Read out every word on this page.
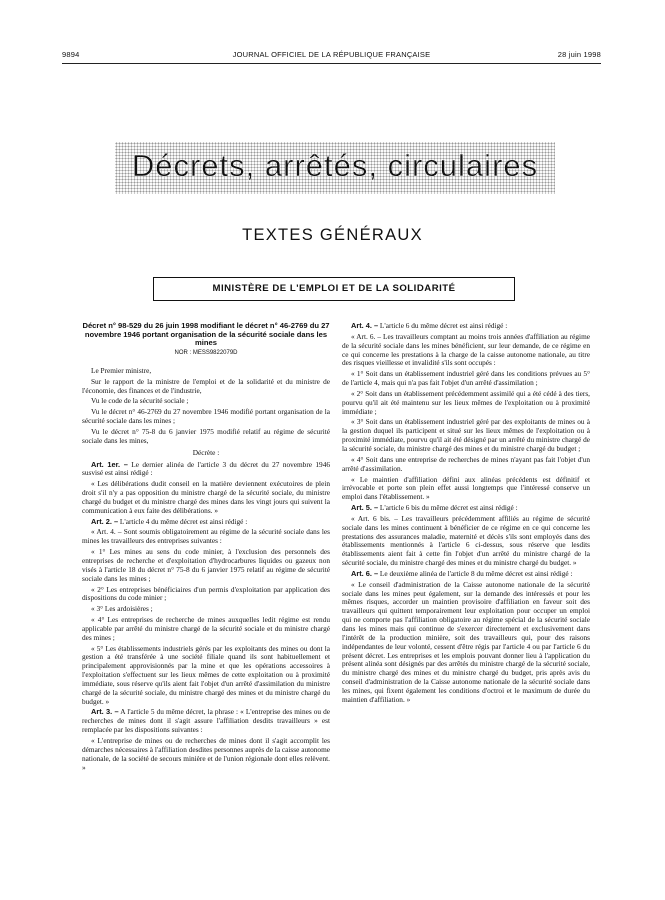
9894	JOURNAL OFFICIEL DE LA RÉPUBLIQUE FRANÇAISE	28 juin 1998
Décrets, arrêtés, circulaires
TEXTES GÉNÉRAUX
MINISTÈRE DE L'EMPLOI ET DE LA SOLIDARITÉ

Décret n° 98-529 du 26 juin 1998 modifiant le décret n° 46-2769 du 27 novembre 1946 portant organisation de la sécurité sociale dans les mines

NOR : MESS9822079D

Le Premier ministre,

Sur le rapport de la ministre de l'emploi et de la solidarité et du ministre de l'économie, des finances et de l'industrie,

Vu le code de la sécurité sociale ;

Vu le décret n° 46-2769 du 27 novembre 1946 modifié portant organisation de la sécurité sociale dans les mines ;

Vu le décret n° 75-8 du 6 janvier 1975 modifié relatif au régime de sécurité sociale dans les mines,

Décrète :

Art. 1er. – Le dernier alinéa de l'article 3 du décret du 27 novembre 1946 susvisé est ainsi rédigé :

« Les délibérations dudit conseil en la matière deviennent exécutoires de plein droit s'il n'y a pas opposition du ministre chargé de la sécurité sociale, du ministre chargé du budget et du ministre chargé des mines dans les vingt jours qui suivent la communication à eux faite des délibérations. »

Art. 2. – L'article 4 du même décret est ainsi rédigé :

« Art. 4. – Sont soumis obligatoirement au régime de la sécurité sociale dans les mines les travailleurs des entreprises suivantes :

« 1° Les mines au sens du code minier, à l'exclusion des personnels des entreprises de recherche et d'exploitation d'hydrocarbures liquides ou gazeux non visés à l'article 18 du décret n° 75-8 du 6 janvier 1975 relatif au régime de sécurité sociale dans les mines ;

« 2° Les entreprises bénéficiaires d'un permis d'exploitation par application des dispositions du code minier ;

« 3° Les ardoisières ;

« 4° Les entreprises de recherche de mines auxquelles ledit régime est rendu applicable par arrêté du ministre chargé de la sécurité sociale et du ministre chargé des mines ;

« 5° Les établissements industriels gérés par les exploitants des mines ou dont la gestion a été transférée à une société filiale quand ils sont habituellement et principalement approvisionnés par la mine et que les opérations accessoires à l'exploitation s'effectuent sur les lieux mêmes de cette exploitation ou à proximité immédiate, sous réserve qu'ils aient fait l'objet d'un arrêté d'assimilation du ministre chargé de la sécurité sociale, du ministre chargé des mines et du ministre chargé du budget. »

Art. 3. – A l'article 5 du même décret, la phrase : « L'entreprise des mines ou de recherches de mines dont il s'agit assure l'affiliation desdits travailleurs » est remplacée par les dispositions suivantes :

« L'entreprise de mines ou de recherches de mines dont il s'agit accomplit les démarches nécessaires à l'affiliation desdites personnes auprès de la caisse autonome nationale, de la société de secours minière et de l'union régionale dont elles relèvent. »

Art. 4. – L'article 6 du même décret est ainsi rédigé :

« Art. 6. – Les travailleurs comptant au moins trois années d'affiliation au régime de la sécurité sociale dans les mines bénéficient, sur leur demande, de ce régime en ce qui concerne les prestations à la charge de la caisse autonome nationale, au titre des risques vieillesse et invalidité s'ils sont occupés :

« 1° Soit dans un établissement industriel géré dans les conditions prévues au 5° de l'article 4, mais qui n'a pas fait l'objet d'un arrêté d'assimilation ;

« 2° Soit dans un établissement précédemment assimilé qui a été cédé à des tiers, pourvu qu'il ait été maintenu sur les lieux mêmes de l'exploitation ou à proximité immédiate ;

« 3° Soit dans un établissement industriel géré par des exploitants de mines ou à la gestion duquel ils participent et situé sur les lieux mêmes de l'exploitation ou à proximité immédiate, pourvu qu'il ait été désigné par un arrêté du ministre chargé de la sécurité sociale, du ministre chargé des mines et du ministre chargé du budget ;

« 4° Soit dans une entreprise de recherches de mines n'ayant pas fait l'objet d'un arrêté d'assimilation.

« Le maintien d'affiliation défini aux alinéas précédents est définitif et irrévocable et porte son plein effet aussi longtemps que l'intéressé conserve un emploi dans l'établissement. »

Art. 5. – L'article 6 bis du même décret est ainsi rédigé :

« Art. 6 bis. – Les travailleurs précédemment affiliés au régime de sécurité sociale dans les mines continuent à bénéficier de ce régime en ce qui concerne les prestations des assurances maladie, maternité et décès s'ils sont employés dans des établissements mentionnés à l'article 6 ci-dessus, sous réserve que lesdits établissements aient fait à cette fin l'objet d'un arrêté du ministre chargé de la sécurité sociale, du ministre chargé des mines et du ministre chargé du budget. »

Art. 6. – Le deuxième alinéa de l'article 8 du même décret est ainsi rédigé :

« Le conseil d'administration de la Caisse autonome nationale de la sécurité sociale dans les mines peut également, sur la demande des intéressés et pour les mêmes risques, accorder un maintien provisoire d'affiliation en faveur soit des travailleurs qui quittent temporairement leur exploitation pour occuper un emploi qui ne comporte pas l'affiliation obligatoire au régime spécial de la sécurité sociale dans les mines mais qui continue de s'exercer directement et exclusivement dans l'intérêt de la production minière, soit des travailleurs qui, pour des raisons indépendantes de leur volonté, cessent d'être régis par l'article 4 ou par l'article 6 du présent décret. Les entreprises et les emplois pouvant donner lieu à l'application du présent alinéa sont désignés par des arrêtés du ministre chargé de la sécurité sociale, du ministre chargé des mines et du ministre chargé du budget, pris après avis du conseil d'administration de la Caisse autonome nationale de la sécurité sociale dans les mines, qui fixent également les conditions d'octroi et le maximum de durée du maintien d'affiliation. »
